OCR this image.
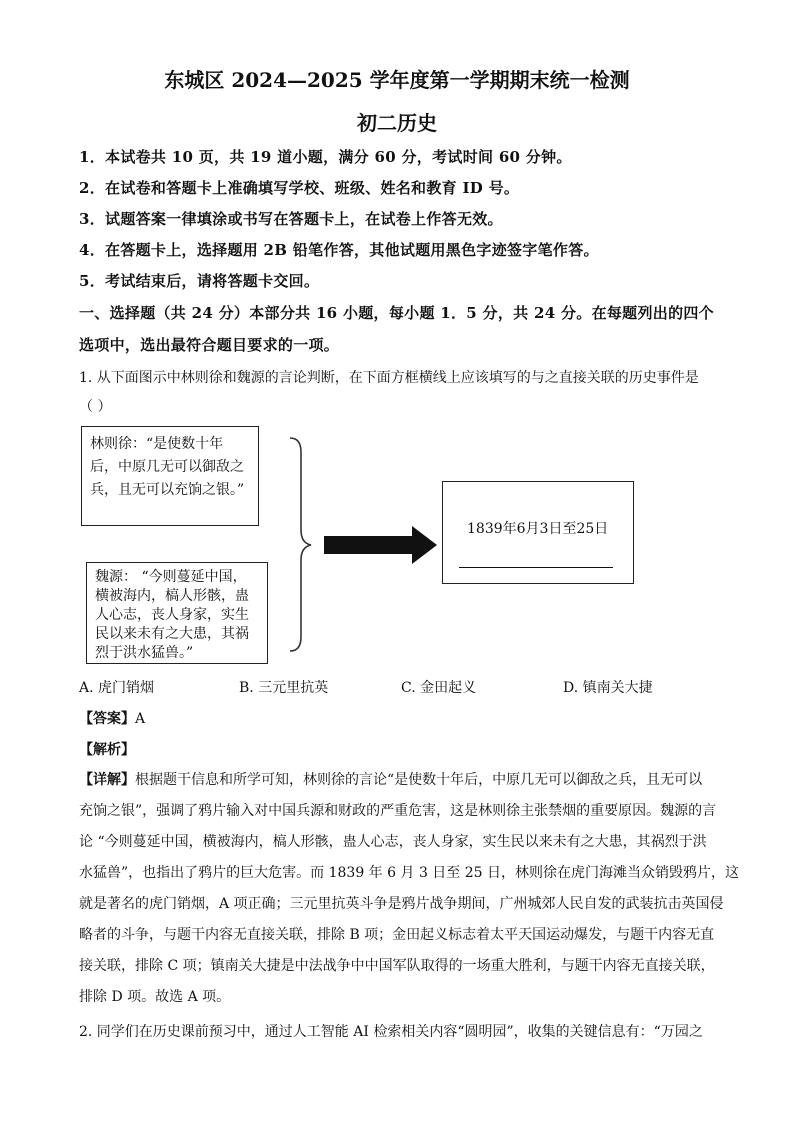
东城区 2024—2025 学年度第一学期期末统一检测
初二历史
1．本试卷共 10 页，共 19 道小题，满分 60 分，考试时间 60 分钟。
2．在试卷和答题卡上准确填写学校、班级、姓名和教育 ID 号。
3．试题答案一律填涂或书写在答题卡上，在试卷上作答无效。
4．在答题卡上，选择题用 2B 铅笔作答，其他试题用黑色字迹签字笔作答。
5．考试结束后，请将答题卡交回。
一、选择题（共 24 分）本部分共 16 小题，每小题 1．5 分，共 24 分。在每题列出的四个
选项中，选出最符合题目要求的一项。
1. 从下面图示中林则徐和魏源的言论判断，在下面方框横线上应该填写的与之直接关联的历史事件是
（ ）
林则徐：“是使数十年后，中原几无可以御敌之兵，且无可以充饷之银。”
魏源： “今则蔓延中国，横被海内，槁人形骸，蛊人心志，丧人身家，实生民以来未有之大患，其祸烈于洪水猛兽。”
1839年6月3日至25日
A. 虎门销烟	B. 三元里抗英	C. 金田起义	D. 镇南关大捷
【答案】A
【解析】
【详解】根据题干信息和所学可知，林则徐的言论“是使数十年后，中原几无可以御敌之兵，且无可以
充饷之银”，强调了鸦片输入对中国兵源和财政的严重危害，这是林则徐主张禁烟的重要原因。魏源的言
论 “今则蔓延中国，横被海内，槁人形骸，蛊人心志，丧人身家，实生民以来未有之大患，其祸烈于洪
水猛兽”，也指出了鸦片的巨大危害。而 1839 年 6 月 3 日至 25 日，林则徐在虎门海滩当众销毁鸦片，这
就是著名的虎门销烟，A 项正确；三元里抗英斗争是鸦片战争期间，广州城郊人民自发的武装抗击英国侵
略者的斗争，与题干内容无直接关联，排除 B 项；金田起义标志着太平天国运动爆发，与题干内容无直
接关联，排除 C 项；镇南关大捷是中法战争中中国军队取得的一场重大胜利，与题干内容无直接关联，
排除 D 项。故选 A 项。
2. 同学们在历史课前预习中，通过人工智能 AI 检索相关内容“圆明园”，收集的关键信息有：“万园之
